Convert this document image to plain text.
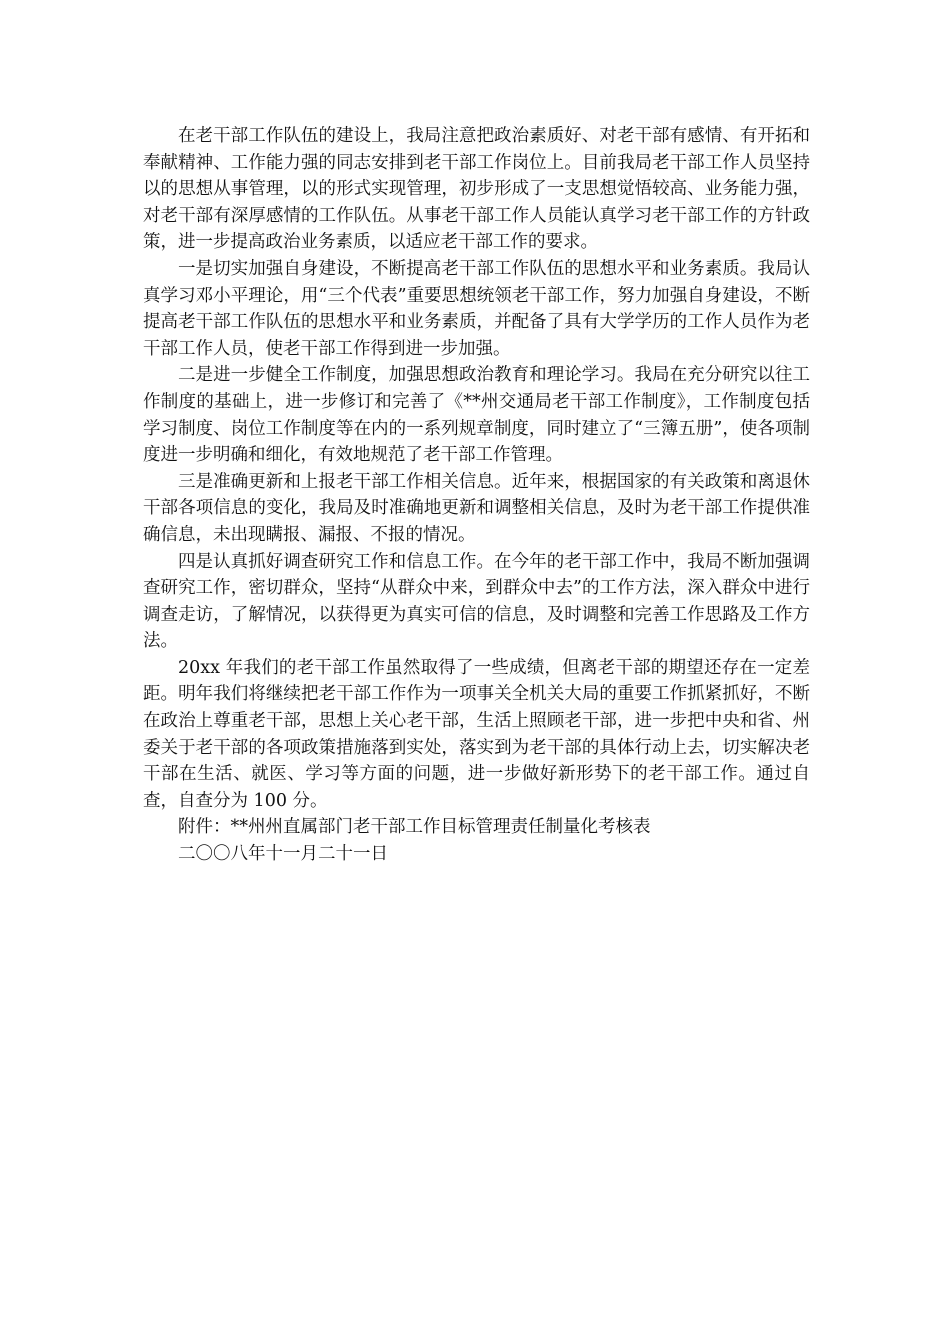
在老干部工作队伍的建设上，我局注意把政治素质好、对老干部有感情、有开拓和奉献精神、工作能力强的同志安排到老干部工作岗位上。目前我局老干部工作人员坚持以的思想从事管理，以的形式实现管理，初步形成了一支思想觉悟较高、业务能力强，对老干部有深厚感情的工作队伍。从事老干部工作人员能认真学习老干部工作的方针政策，进一步提高政治业务素质，以适应老干部工作的要求。

一是切实加强自身建设，不断提高老干部工作队伍的思想水平和业务素质。我局认真学习邓小平理论，用“三个代表”重要思想统领老干部工作，努力加强自身建设，不断提高老干部工作队伍的思想水平和业务素质，并配备了具有大学学历的工作人员作为老干部工作人员，使老干部工作得到进一步加强。

二是进一步健全工作制度，加强思想政治教育和理论学习。我局在充分研究以往工作制度的基础上，进一步修订和完善了《**州交通局老干部工作制度》，工作制度包括学习制度、岗位工作制度等在内的一系列规章制度，同时建立了“三簿五册”，使各项制度进一步明确和细化，有效地规范了老干部工作管理。

三是准确更新和上报老干部工作相关信息。近年来，根据国家的有关政策和离退休干部各项信息的变化，我局及时准确地更新和调整相关信息，及时为老干部工作提供准确信息，未出现瞒报、漏报、不报的情况。

四是认真抓好调查研究工作和信息工作。在今年的老干部工作中，我局不断加强调查研究工作，密切群众，坚持“从群众中来，到群众中去”的工作方法，深入群众中进行调查走访，了解情况，以获得更为真实可信的信息，及时调整和完善工作思路及工作方法。

20xx 年我们的老干部工作虽然取得了一些成绩，但离老干部的期望还存在一定差距。明年我们将继续把老干部工作作为一项事关全机关大局的重要工作抓紧抓好，不断在政治上尊重老干部，思想上关心老干部，生活上照顾老干部，进一步把中央和省、州委关于老干部的各项政策措施落到实处，落实到为老干部的具体行动上去，切实解决老干部在生活、就医、学习等方面的问题，进一步做好新形势下的老干部工作。通过自查，自查分为 100 分。

附件：**州州直属部门老干部工作目标管理责任制量化考核表

二〇〇八年十一月二十一日
